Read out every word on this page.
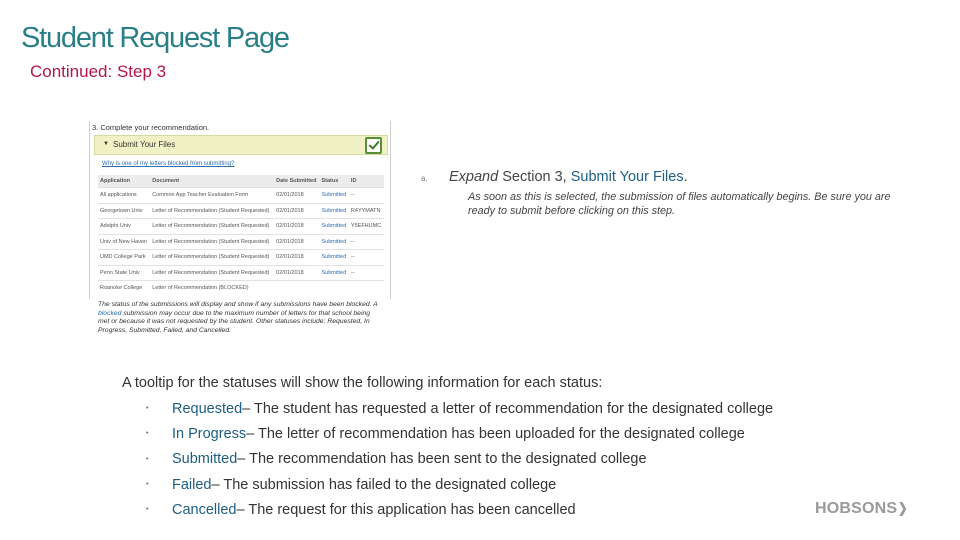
Student Request Page
Continued: Step 3
3. Complete your recommendation.
▼ Submit Your Files
Why is one of my letters blocked from submitting?
Application	Document	Date Submitted	Status	ID
All applications	Common App Teacher Evaluation Form	02/01/2018	Submitted	--
Georgetown Univ	Letter of Recommendation (Student Requested)	02/01/2018	Submitted	R4YYMATN
Adelphi Univ	Letter of Recommendation (Student Requested)	02/01/2018	Submitted	Y5EFHUMC
Univ of New Haven	Letter of Recommendation (Student Requested)	02/01/2018	Submitted	--
UMD College Park	Letter of Recommendation (Student Requested)	02/01/2018	Submitted	--
Penn State Univ	Letter of Recommendation (Student Requested)	02/01/2018	Submitted	--
Roanoke College	Letter of Recommendation (BLOCKED)			
The status of the submissions will display and show if any submissions have been blocked. A blocked submission may occur due to the maximum number of letters for that school being met or because it was not requested by the student. Other statuses include: Requested, In Progress, Submitted, Failed, and Cancelled.
a. Expand Section 3, Submit Your Files.
As soon as this is selected, the submission of files automatically begins. Be sure you are ready to submit before clicking on this step.
A tooltip for the statuses will show the following information for each status:
•	Requested – The student has requested a letter of recommendation for the designated college
•	In Progress – The letter of recommendation has been uploaded for the designated college
•	Submitted – The recommendation has been sent to the designated college
•	Failed – The submission has failed to the designated college
•	Cancelled – The request for this application has been cancelled	HOBSONS
